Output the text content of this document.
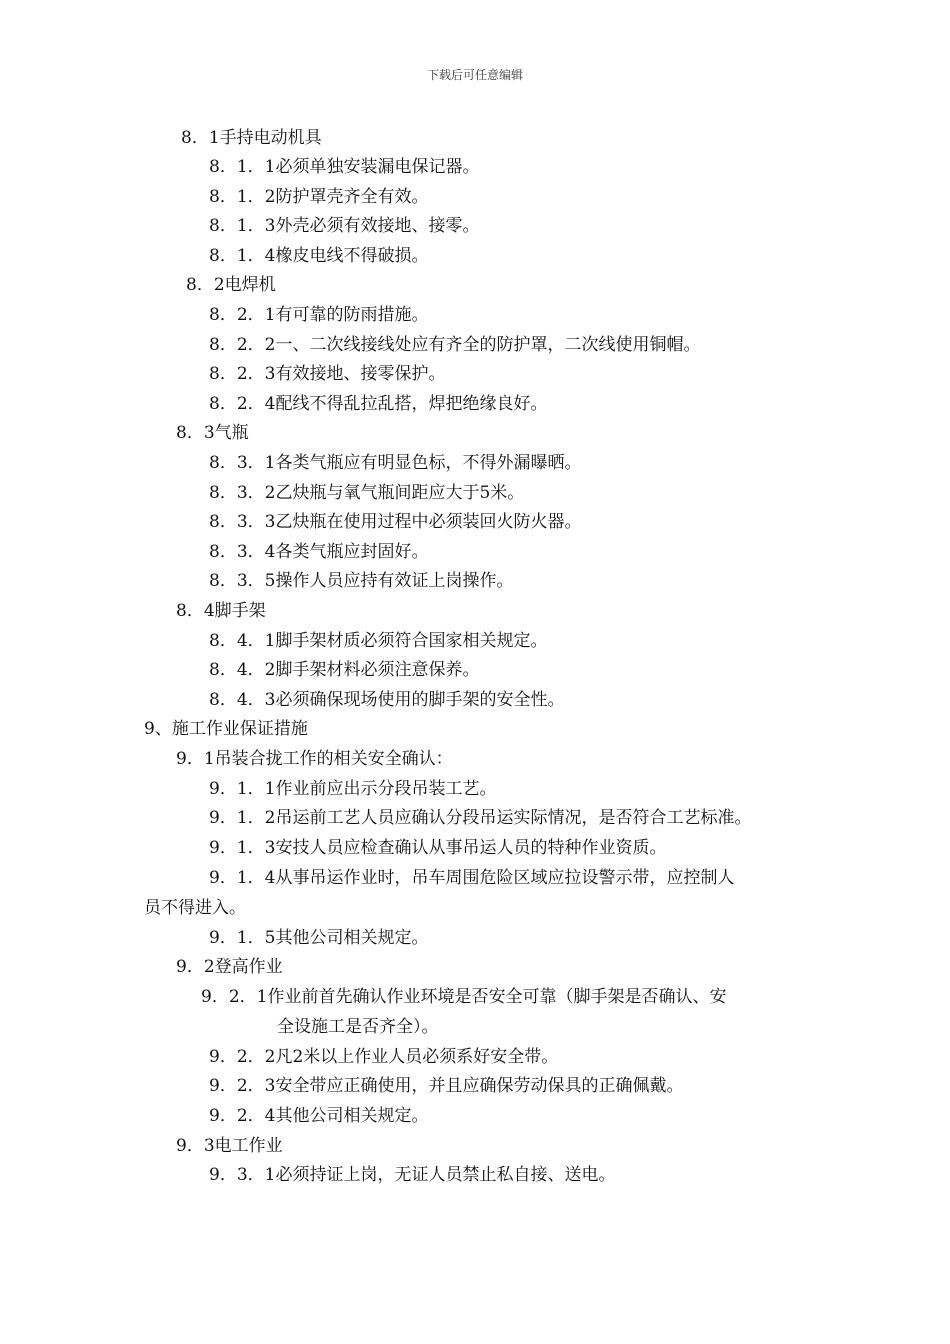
下载后可任意编辑
8．1手持电动机具
8．1．1必须单独安装漏电保记器。
8．1．2防护罩壳齐全有效。
8．1．3外壳必须有效接地、接零。
8．1．4橡皮电线不得破损。
8．2电焊机
8．2．1有可靠的防雨措施。
8．2．2一、二次线接线处应有齐全的防护罩，二次线使用铜帽。
8．2．3有效接地、接零保护。
8．2．4配线不得乱拉乱搭，焊把绝缘良好。
8．3气瓶
8．3．1各类气瓶应有明显色标，不得外漏曝晒。
8．3．2乙炔瓶与氧气瓶间距应大于5米。
8．3．3乙炔瓶在使用过程中必须装回火防火器。
8．3．4各类气瓶应封固好。
8．3．5操作人员应持有效证上岗操作。
8．4脚手架
8．4．1脚手架材质必须符合国家相关规定。
8．4．2脚手架材料必须注意保养。
8．4．3必须确保现场使用的脚手架的安全性。
9、施工作业保证措施
9．1吊装合拢工作的相关安全确认：
9．1．1作业前应出示分段吊装工艺。
9．1．2吊运前工艺人员应确认分段吊运实际情况，是否符合工艺标准。
9．1．3安技人员应检查确认从事吊运人员的特种作业资质。
9．1．4从事吊运作业时，吊车周围危险区域应拉设警示带，应控制人
员不得进入。
9．1．5其他公司相关规定。
9．2登高作业
9．2．1作业前首先确认作业环境是否安全可靠（脚手架是否确认、安
全设施工是否齐全）。
9．2．2凡2米以上作业人员必须系好安全带。
9．2．3安全带应正确使用，并且应确保劳动保具的正确佩戴。
9．2．4其他公司相关规定。
9．3电工作业
9．3．1必须持证上岗，无证人员禁止私自接、送电。
